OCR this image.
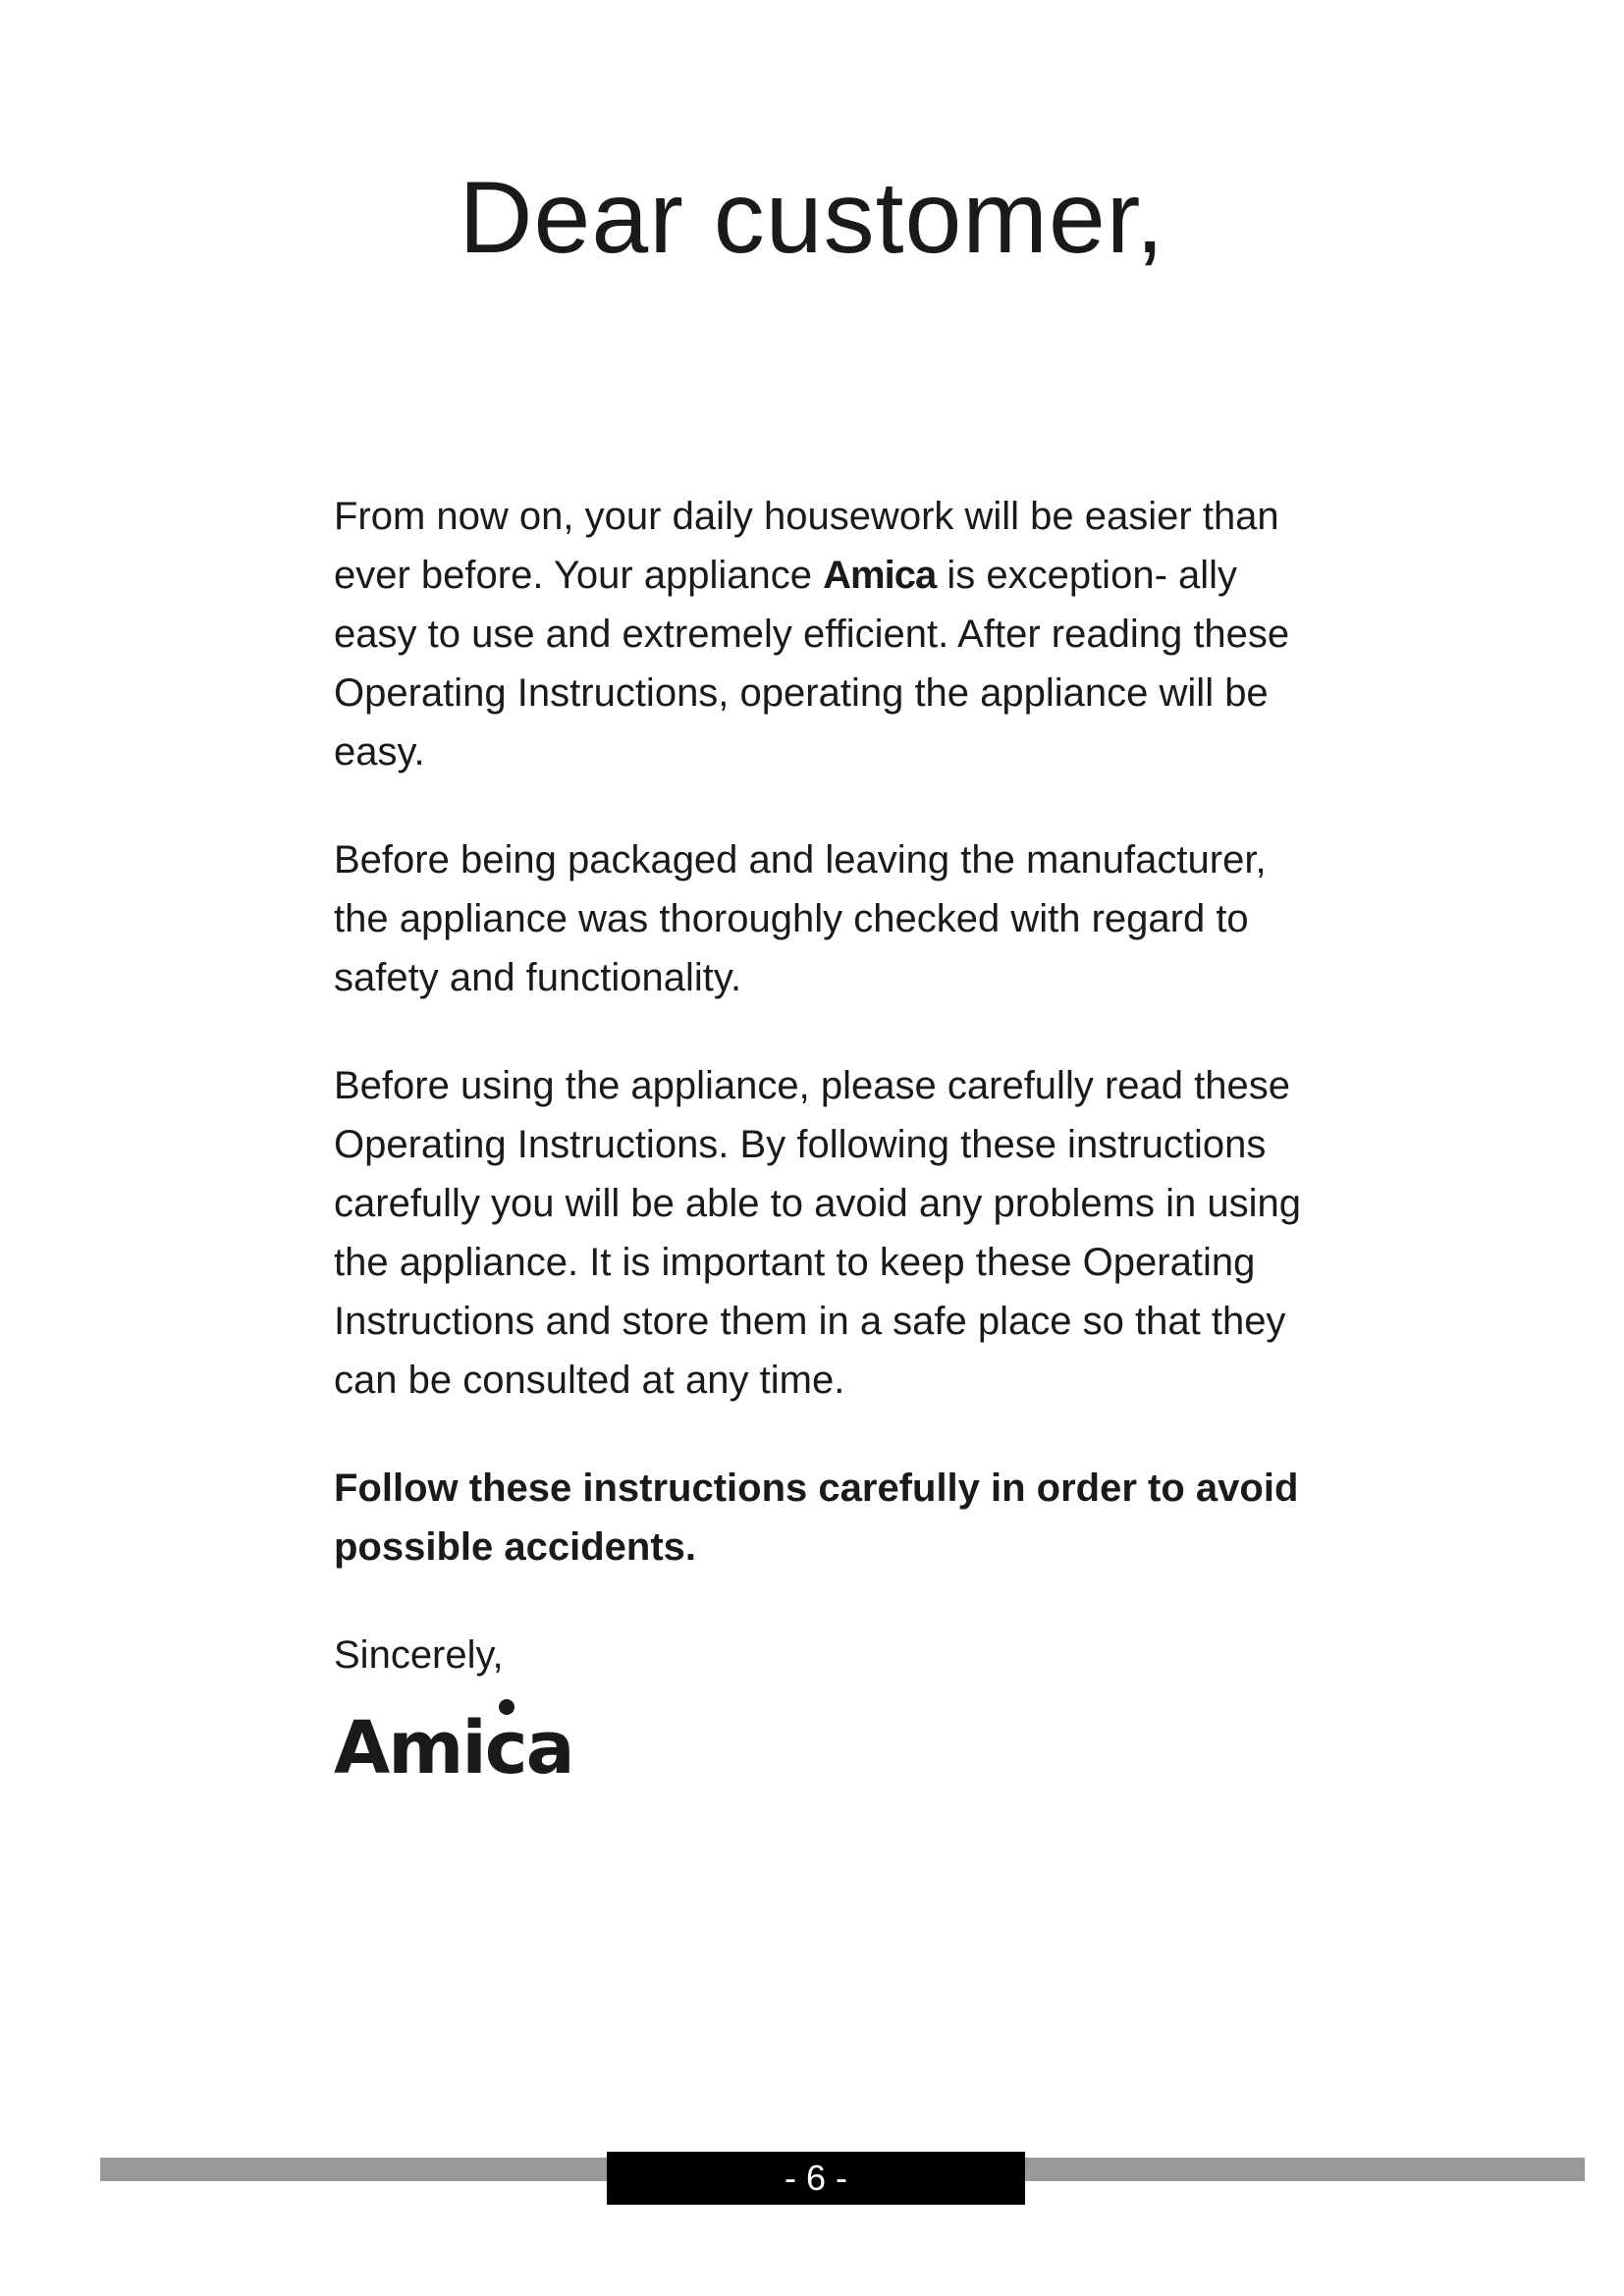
Dear customer,

From now on, your daily housework will be easier than ever before. Your appliance Amica is exception- ally easy to use and extremely efficient. After reading these Operating Instructions, operating the appliance will be easy.

Before being packaged and leaving the manufacturer, the appliance was thoroughly checked with regard to safety and functionality.

Before using the appliance, please carefully read these Operating Instructions. By following these instructions carefully you will be able to avoid any problems in using the appliance. It is important to keep these Operating Instructions and store them in a safe place so that they can be consulted at any time.

Follow these instructions carefully in order to avoid possible accidents.

Sincerely,

Amica
- 6 -
